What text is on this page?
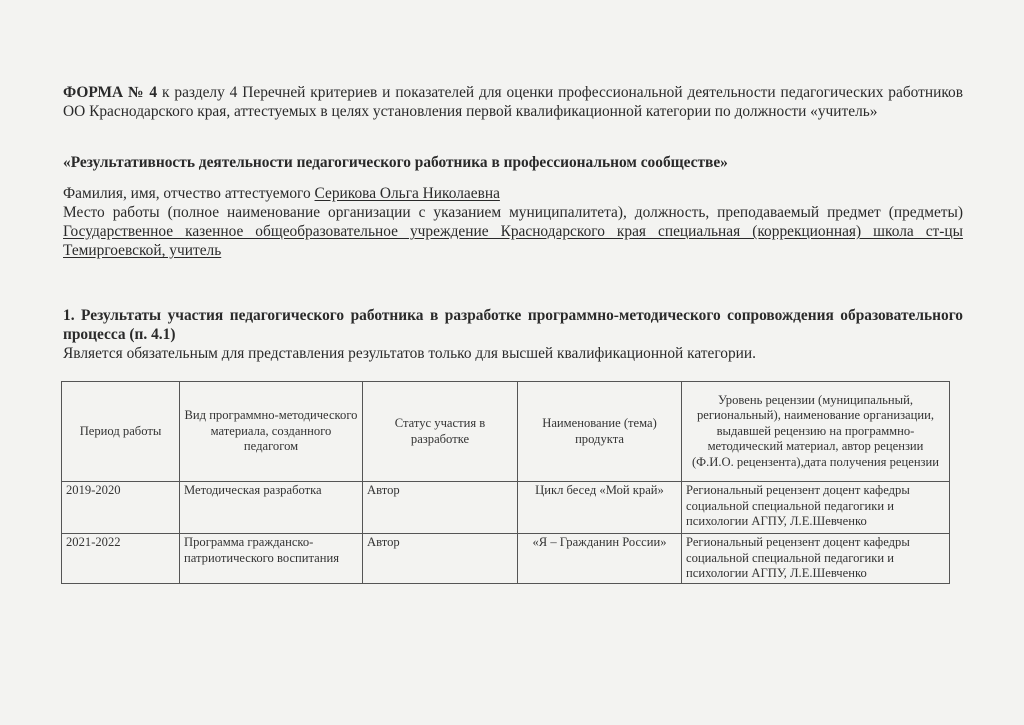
ФОРМА № 4 к разделу 4 Перечней критериев и показателей для оценки профессиональной деятельности педагогических работников ОО Краснодарского края, аттестуемых в целях установления первой квалификационной категории по должности «учитель»
«Результативность деятельности педагогического работника в профессиональном сообществе»
Фамилия, имя, отчество аттестуемого Серикова Ольга Николаевна
Место работы (полное наименование организации с указанием муниципалитета), должность, преподаваемый предмет (предметы) Государственное казенное общеобразовательное учреждение Краснодарского края специальная (коррекционная) школа ст-цы Темиргоевской, учитель
1. Результаты участия педагогического работника в разработке программно-методического сопровождения образовательного процесса (п. 4.1)
Является обязательным для представления результатов только для высшей квалификационной категории.
Период работы	Вид программно-методического материала, созданного педагогом	Статус участия в разработке	Наименование (тема) продукта	Уровень рецензии (муниципальный, региональный), наименование организации, выдавшей рецензию на программно-методический материал, автор рецензии (Ф.И.О. рецензента),дата получения рецензии
2019-2020	Методическая разработка	Автор	Цикл бесед «Мой край»	Региональный рецензент доцент кафедры социальной специальной педагогики и психологии АГПУ, Л.Е.Шевченко
2021-2022	Программа гражданско-патриотического воспитания	Автор	«Я – Гражданин России»	Региональный рецензент доцент кафедры социальной специальной педагогики и психологии АГПУ, Л.Е.Шевченко
